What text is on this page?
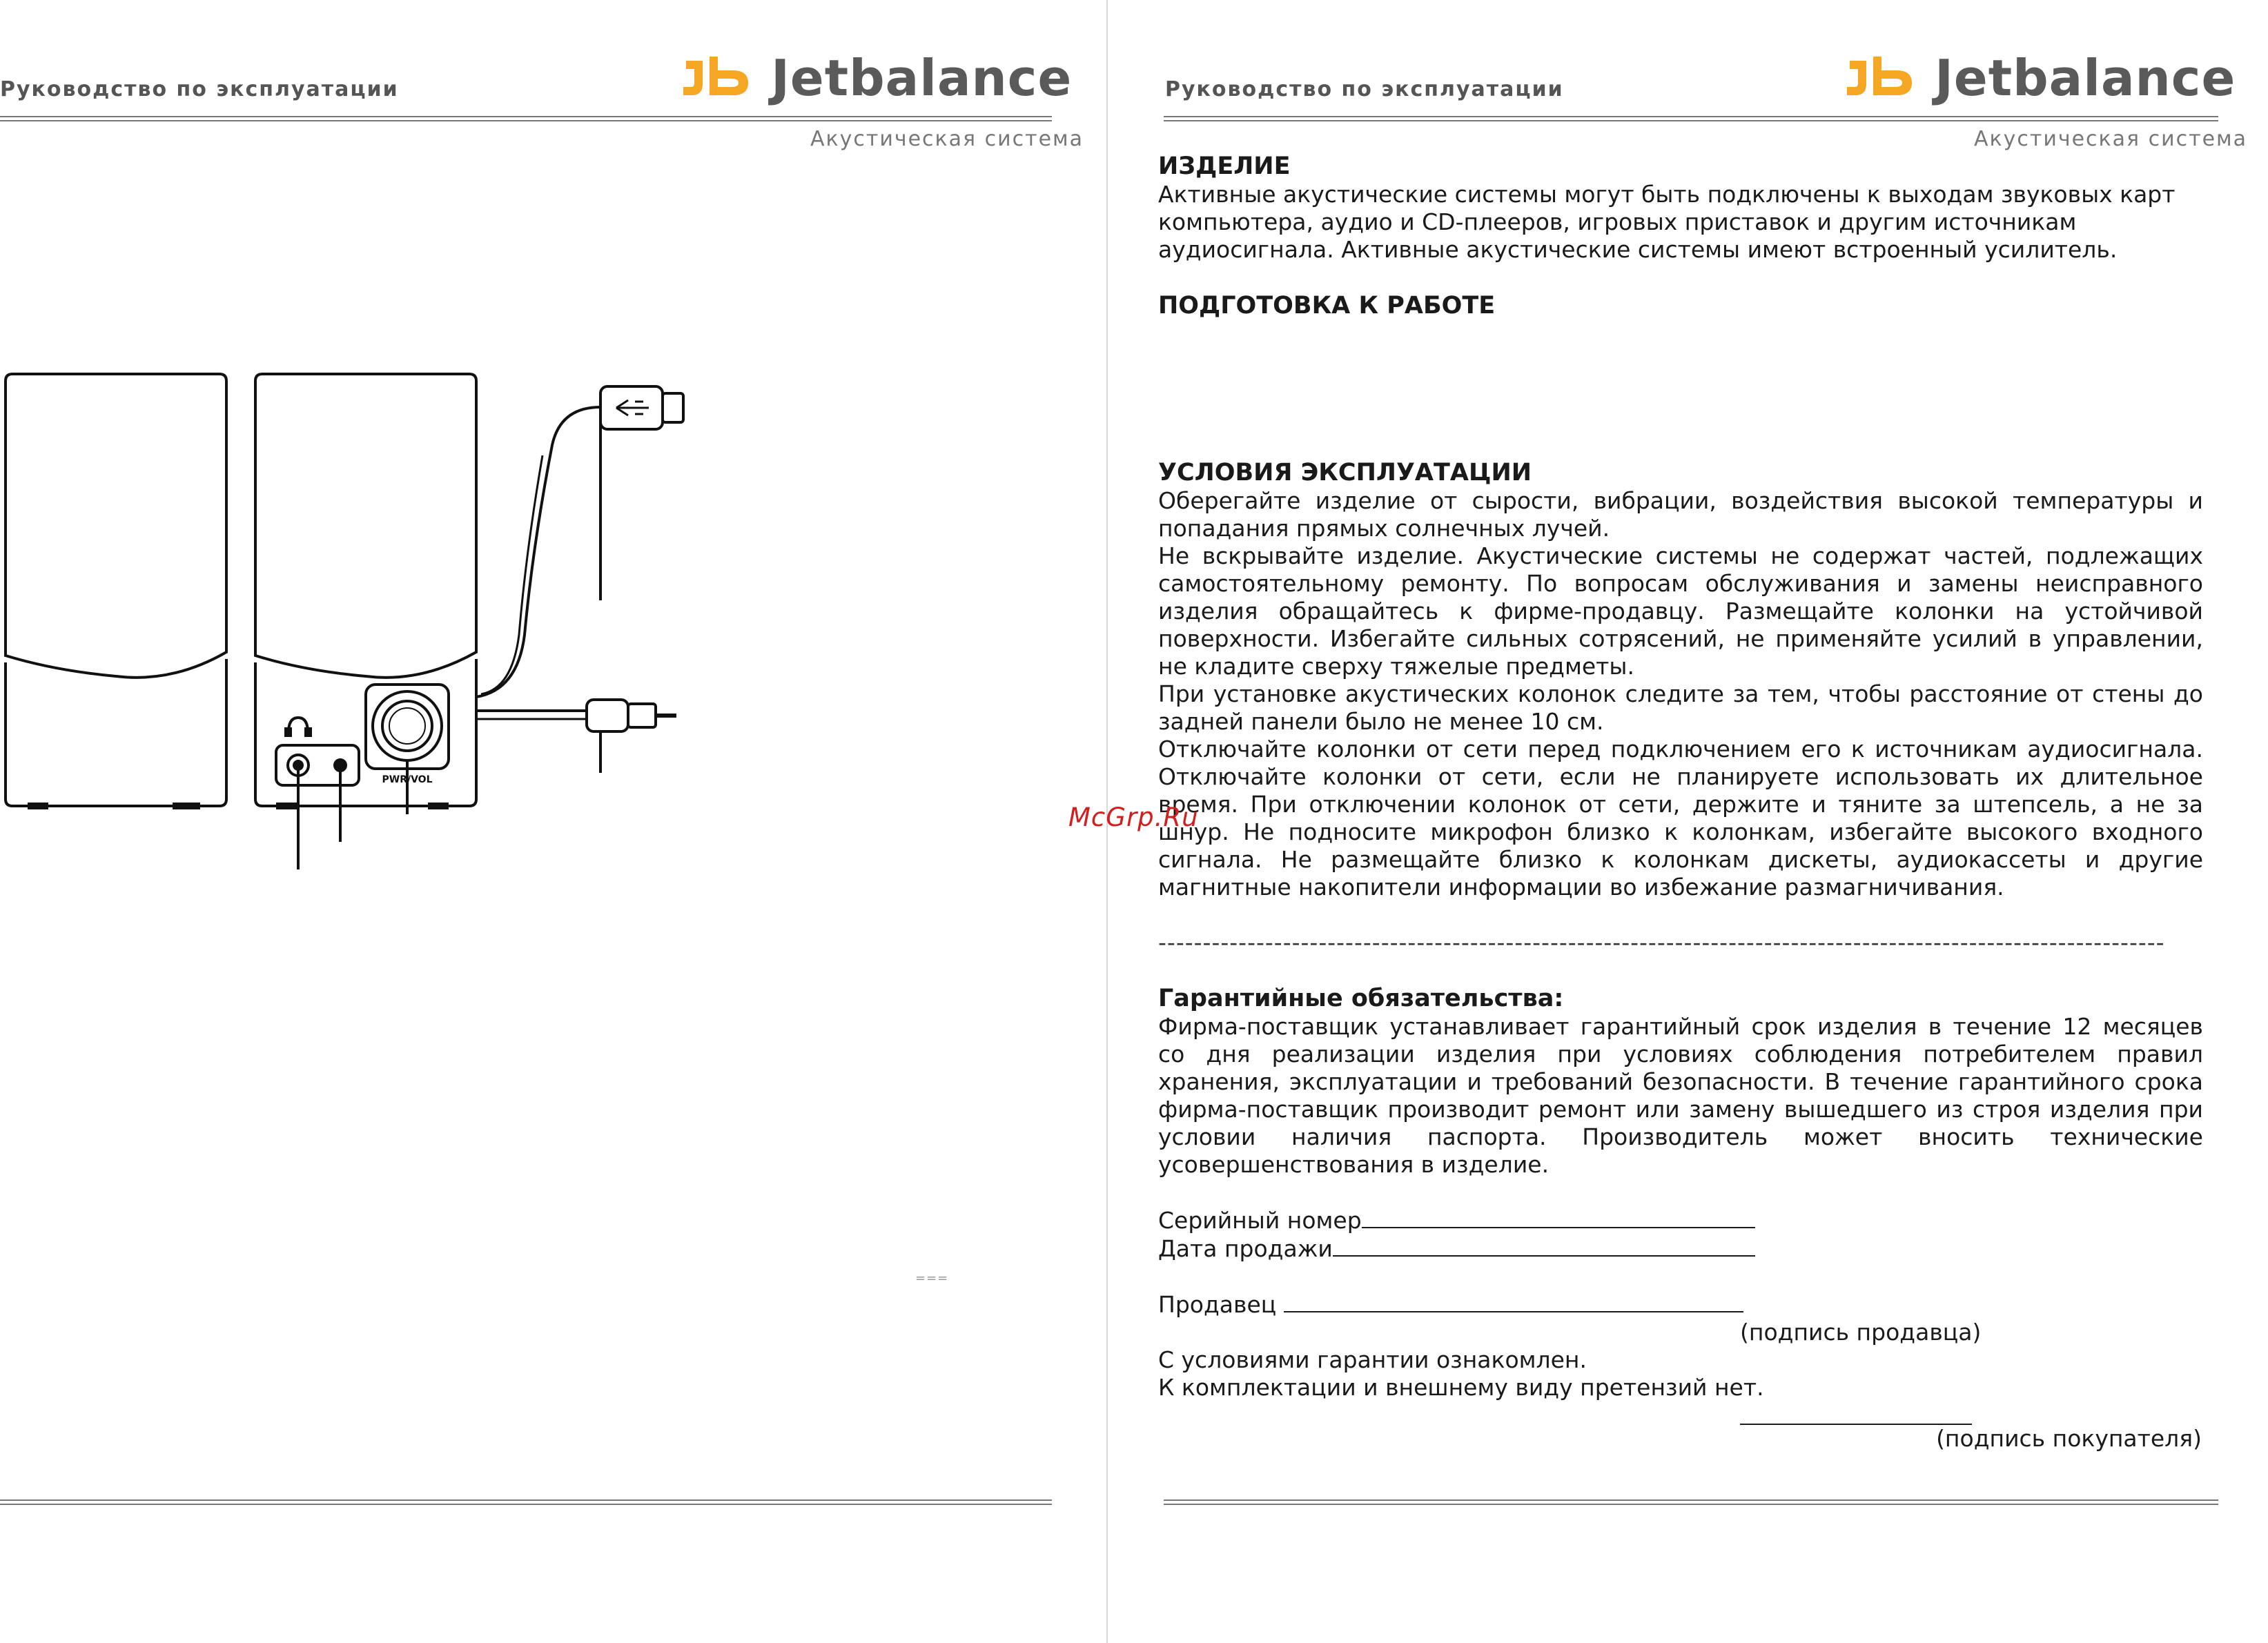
Руководство по эксплуатации	Jetbalance
Акустическая система
PWR/VOL
===
Руководство по эксплуатации	Jetbalance
Акустическая система
ИЗДЕЛИЕ
Активные акустические системы могут быть подключены к выходам звуковых карт компьютера, аудио и CD-плееров, игровых приставок и другим источникам аудиосигнала. Активные акустические системы имеют встроенный усилитель.
ПОДГОТОВКА К РАБОТЕ
УСЛОВИЯ ЭКСПЛУАТАЦИИ
Оберегайте изделие от сырости, вибрации, воздействия высокой температуры и попадания прямых солнечных лучей.
Не вскрывайте изделие. Акустические системы не содержат частей, подлежащих самостоятельному ремонту. По вопросам обслуживания и замены неисправного изделия обращайтесь к фирме-продавцу. Размещайте колонки на устойчивой поверхности. Избегайте сильных сотрясений, не применяйте усилий в управлении, не кладите сверху тяжелые предметы.
При установке акустических колонок следите за тем, чтобы расстояние от стены до задней панели было не менее 10 см.
Отключайте колонки от сети перед подключением его к источникам аудиосигнала. Отключайте колонки от сети, если не планируете использовать их длительное время. При отключении колонок от сети, держите и тяните за штепсель, а не за шнур. Не подносите микрофон близко к колонкам, избегайте высокого входного сигнала. Не размещайте близко к колонкам дискеты, аудиокассеты и другие магнитные накопители информации во избежание размагничивания.
-----------------------------------------------------------------------------------------------------------------
Гарантийные обязательства:
Фирма-поставщик устанавливает гарантийный срок изделия в течение 12 месяцев со дня реализации изделия при условиях соблюдения потребителем правил хранения, эксплуатации и требований безопасности. В течение гарантийного срока фирма-поставщик производит ремонт или замену вышедшего из строя изделия при условии наличия паспорта. Производитель может вносить технические усовершенствования в изделие.
Серийный номер
Дата продажи
Продавец
(подпись продавца)
С условиями гарантии ознакомлен.
К комплектации и внешнему виду претензий нет.
(подпись покупателя)
McGrp.Ru
